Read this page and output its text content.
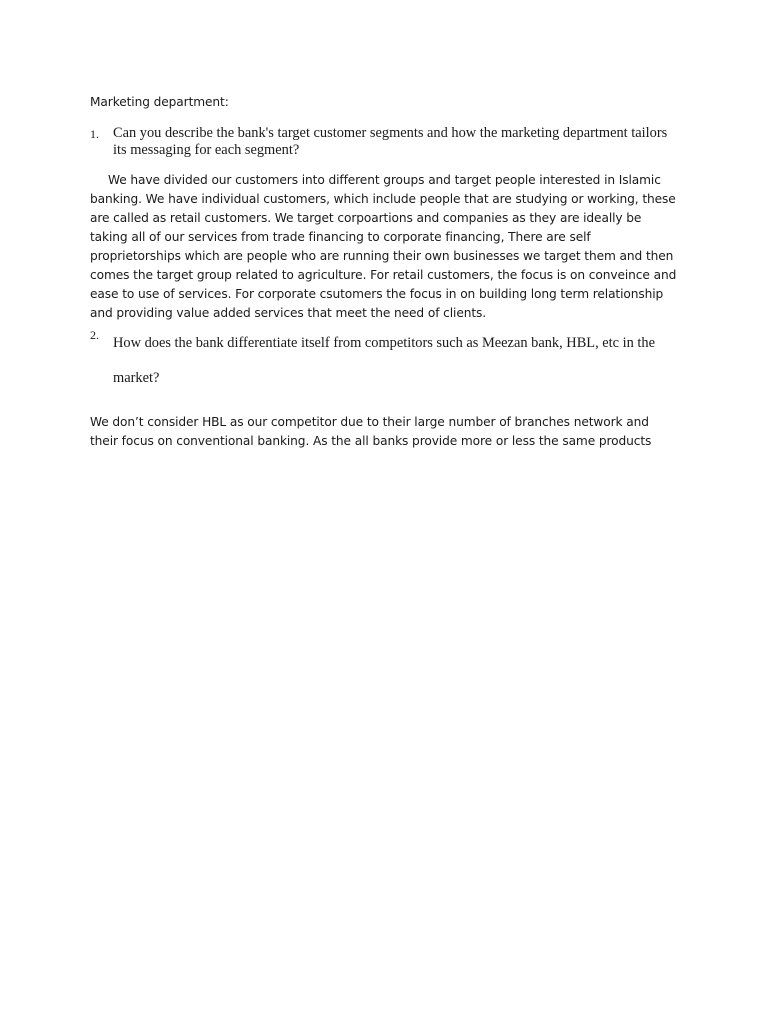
Marketing department:

1. Can you describe the bank's target customer segments and how the marketing department tailors its messaging for each segment?

We have divided our customers into different groups and target people interested in Islamic banking. We have individual customers, which include people that are studying or working, these are called as retail customers. We target corpoartions and companies as they are ideally be taking all of our services from trade financing to corporate financing, There are self proprietorships which are people who are running their own businesses we target them and then comes the target group related to agriculture. For retail customers, the focus is on conveince and ease to use of services. For corporate csutomers the focus in on building long term relationship and providing value added services that meet the need of clients.

2. How does the bank differentiate itself from competitors such as Meezan bank, HBL, etc in the market?

We don’t consider HBL as our competitor due to their large number of branches network and their focus on conventional banking. As the all banks provide more or less the same products
